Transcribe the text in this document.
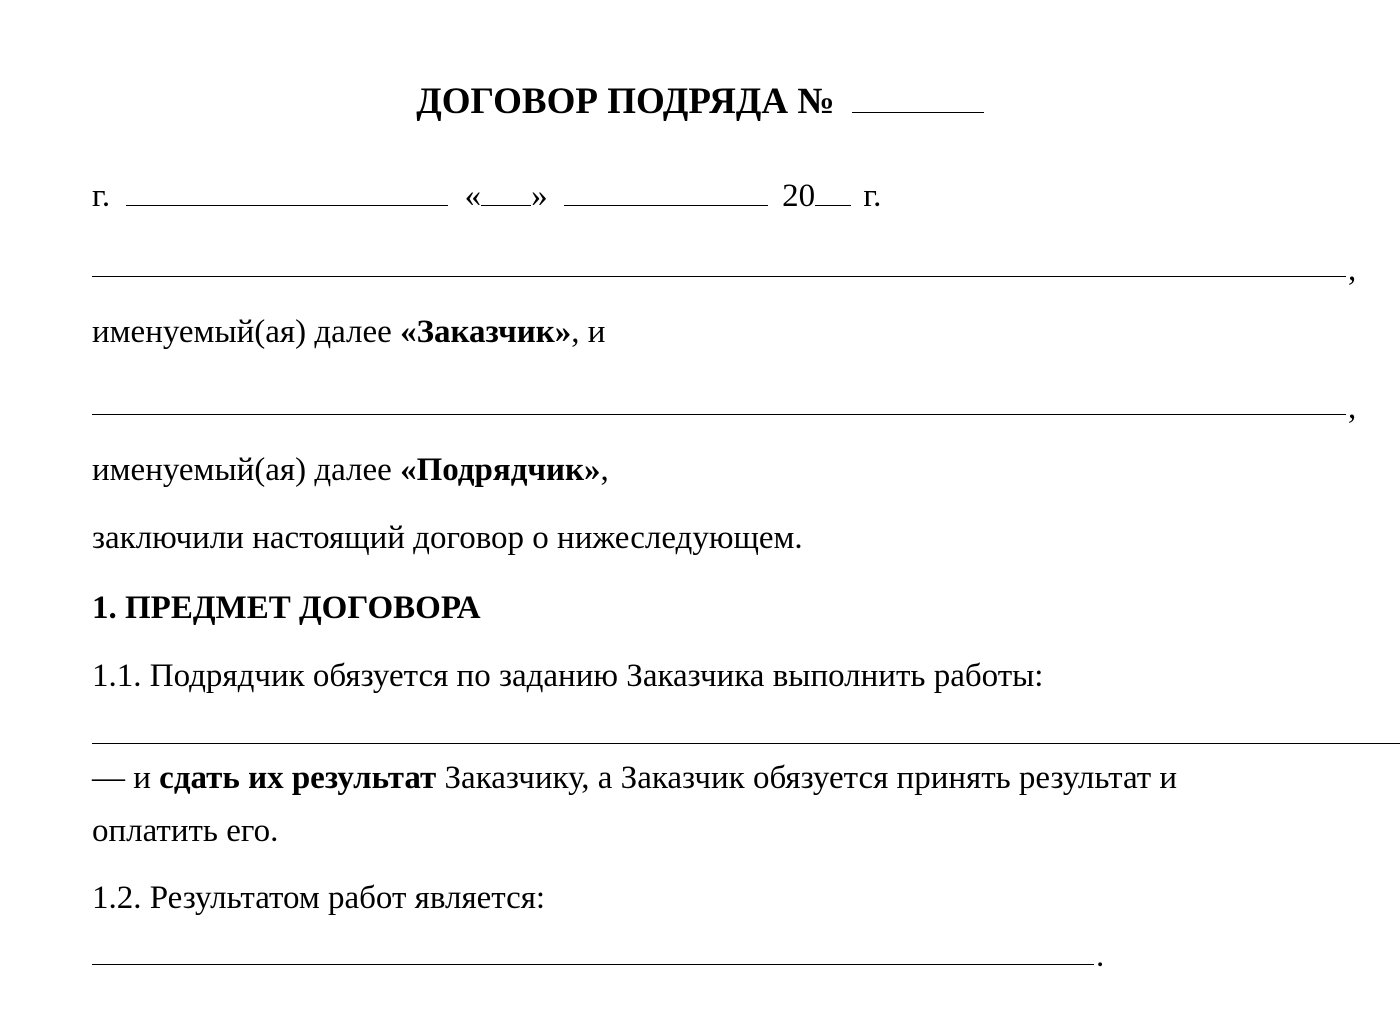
ДОГОВОР ПОДРЯДА №
г.	« »	20 г.
,
именуемый(ая) далее «Заказчик», и
,
именуемый(ая) далее «Подрядчик»,
заключили настоящий договор о нижеследующем.
1. ПРЕДМЕТ ДОГОВОРА
1.1. Подрядчик обязуется по заданию Заказчика выполнить работы:
— и сдать их результат Заказчику, а Заказчик обязуется принять результат и
оплатить его.
1.2. Результатом работ является:
.
